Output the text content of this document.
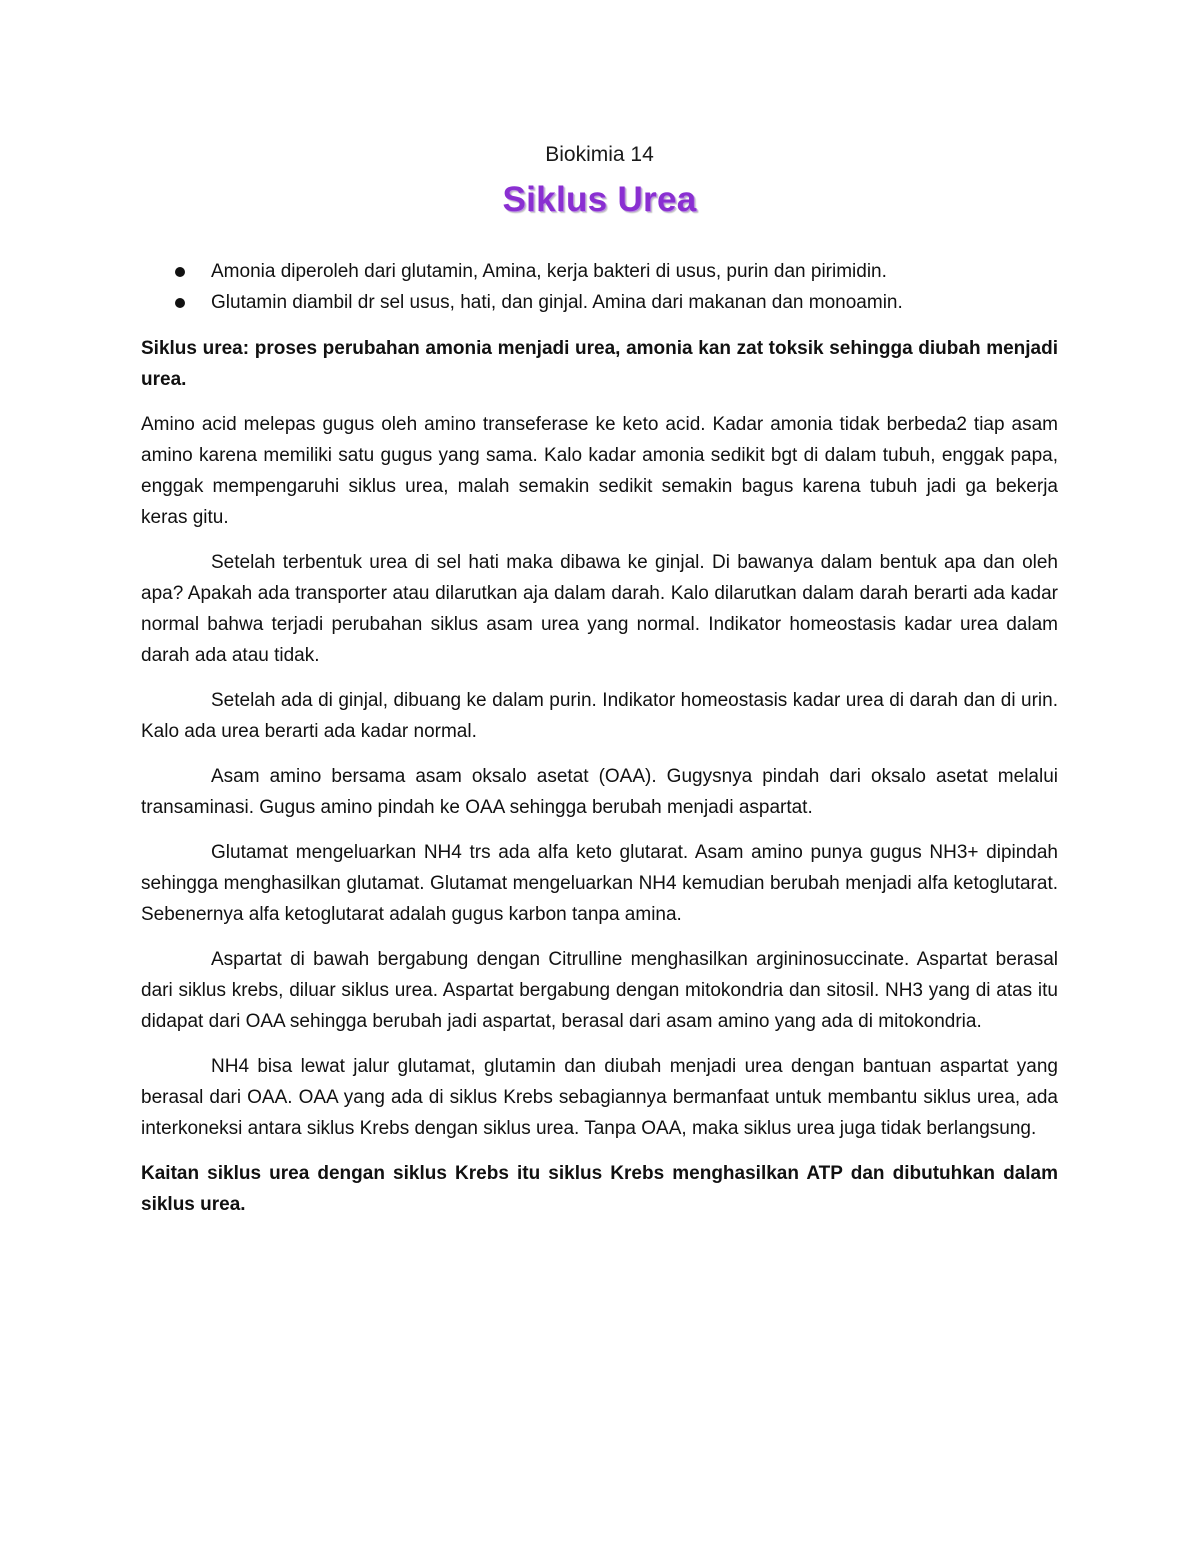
Biokimia 14
Siklus Urea
Amonia diperoleh dari glutamin, Amina, kerja bakteri di usus, purin dan pirimidin.
Glutamin diambil dr sel usus, hati, dan ginjal. Amina dari makanan dan monoamin.

Siklus urea: proses perubahan amonia menjadi urea, amonia kan zat toksik sehingga diubah menjadi urea.

Amino acid melepas gugus oleh amino transeferase ke keto acid. Kadar amonia tidak berbeda2 tiap asam amino karena memiliki satu gugus yang sama. Kalo kadar amonia sedikit bgt di dalam tubuh, enggak papa, enggak mempengaruhi siklus urea, malah semakin sedikit semakin bagus karena tubuh jadi ga bekerja keras gitu.

Setelah terbentuk urea di sel hati maka dibawa ke ginjal. Di bawanya dalam bentuk apa dan oleh apa? Apakah ada transporter atau dilarutkan aja dalam darah. Kalo dilarutkan dalam darah berarti ada kadar normal bahwa terjadi perubahan siklus asam urea yang normal. Indikator homeostasis kadar urea dalam darah ada atau tidak.

Setelah ada di ginjal, dibuang ke dalam purin. Indikator homeostasis kadar urea di darah dan di urin. Kalo ada urea berarti ada kadar normal.

Asam amino bersama asam oksalo asetat (OAA). Gugysnya pindah dari oksalo asetat melalui transaminasi. Gugus amino pindah ke OAA sehingga berubah menjadi aspartat.

Glutamat mengeluarkan NH4 trs ada alfa keto glutarat. Asam amino punya gugus NH3+ dipindah sehingga menghasilkan glutamat. Glutamat mengeluarkan NH4 kemudian berubah menjadi alfa ketoglutarat. Sebenernya alfa ketoglutarat adalah gugus karbon tanpa amina.

Aspartat di bawah bergabung dengan Citrulline menghasilkan argininosuccinate. Aspartat berasal dari siklus krebs, diluar siklus urea. Aspartat bergabung dengan mitokondria dan sitosil. NH3 yang di atas itu didapat dari OAA sehingga berubah jadi aspartat, berasal dari asam amino yang ada di mitokondria.

NH4 bisa lewat jalur glutamat, glutamin dan diubah menjadi urea dengan bantuan aspartat yang berasal dari OAA. OAA yang ada di siklus Krebs sebagiannya bermanfaat untuk membantu siklus urea, ada interkoneksi antara siklus Krebs dengan siklus urea. Tanpa OAA, maka siklus urea juga tidak berlangsung.

Kaitan siklus urea dengan siklus Krebs itu siklus Krebs menghasilkan ATP dan dibutuhkan dalam siklus urea.
